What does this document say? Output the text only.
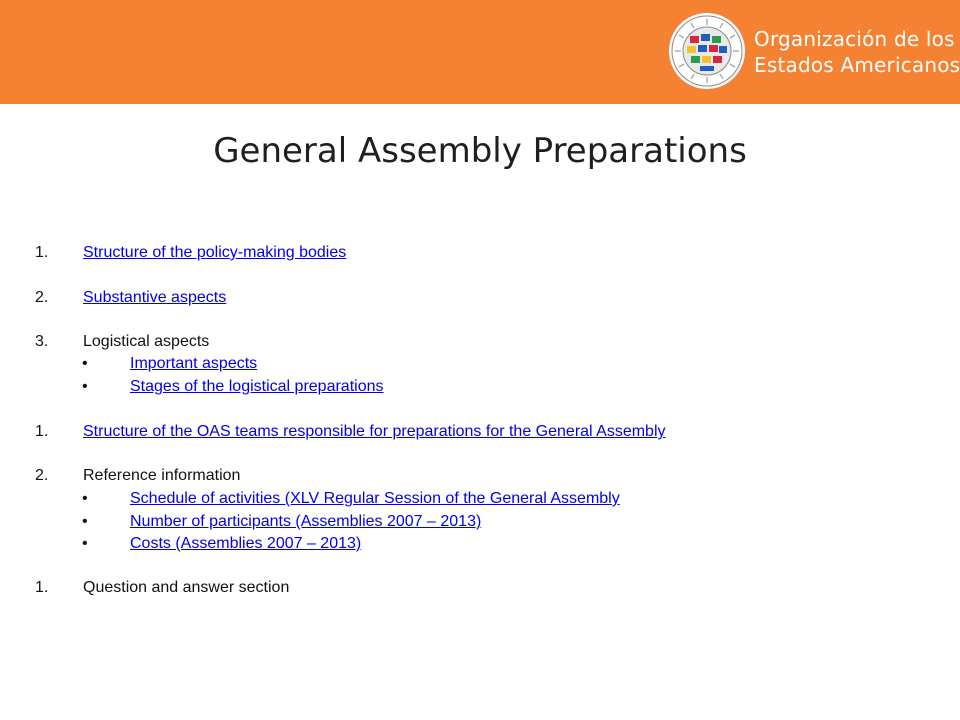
Organización de los
Estados Americanos
General Assembly Preparations
1. Structure of the policy-making bodies
2. Substantive aspects
3. Logistical aspects
•	Important aspects
•	Stages of the logistical preparations
1. Structure of the OAS teams responsible for preparations for the General Assembly
2. Reference information
•	Schedule of activities (XLV Regular Session of the General Assembly
•	Number of participants (Assemblies 2007 – 2013)
•	Costs (Assemblies 2007 – 2013)
1. Question and answer section
